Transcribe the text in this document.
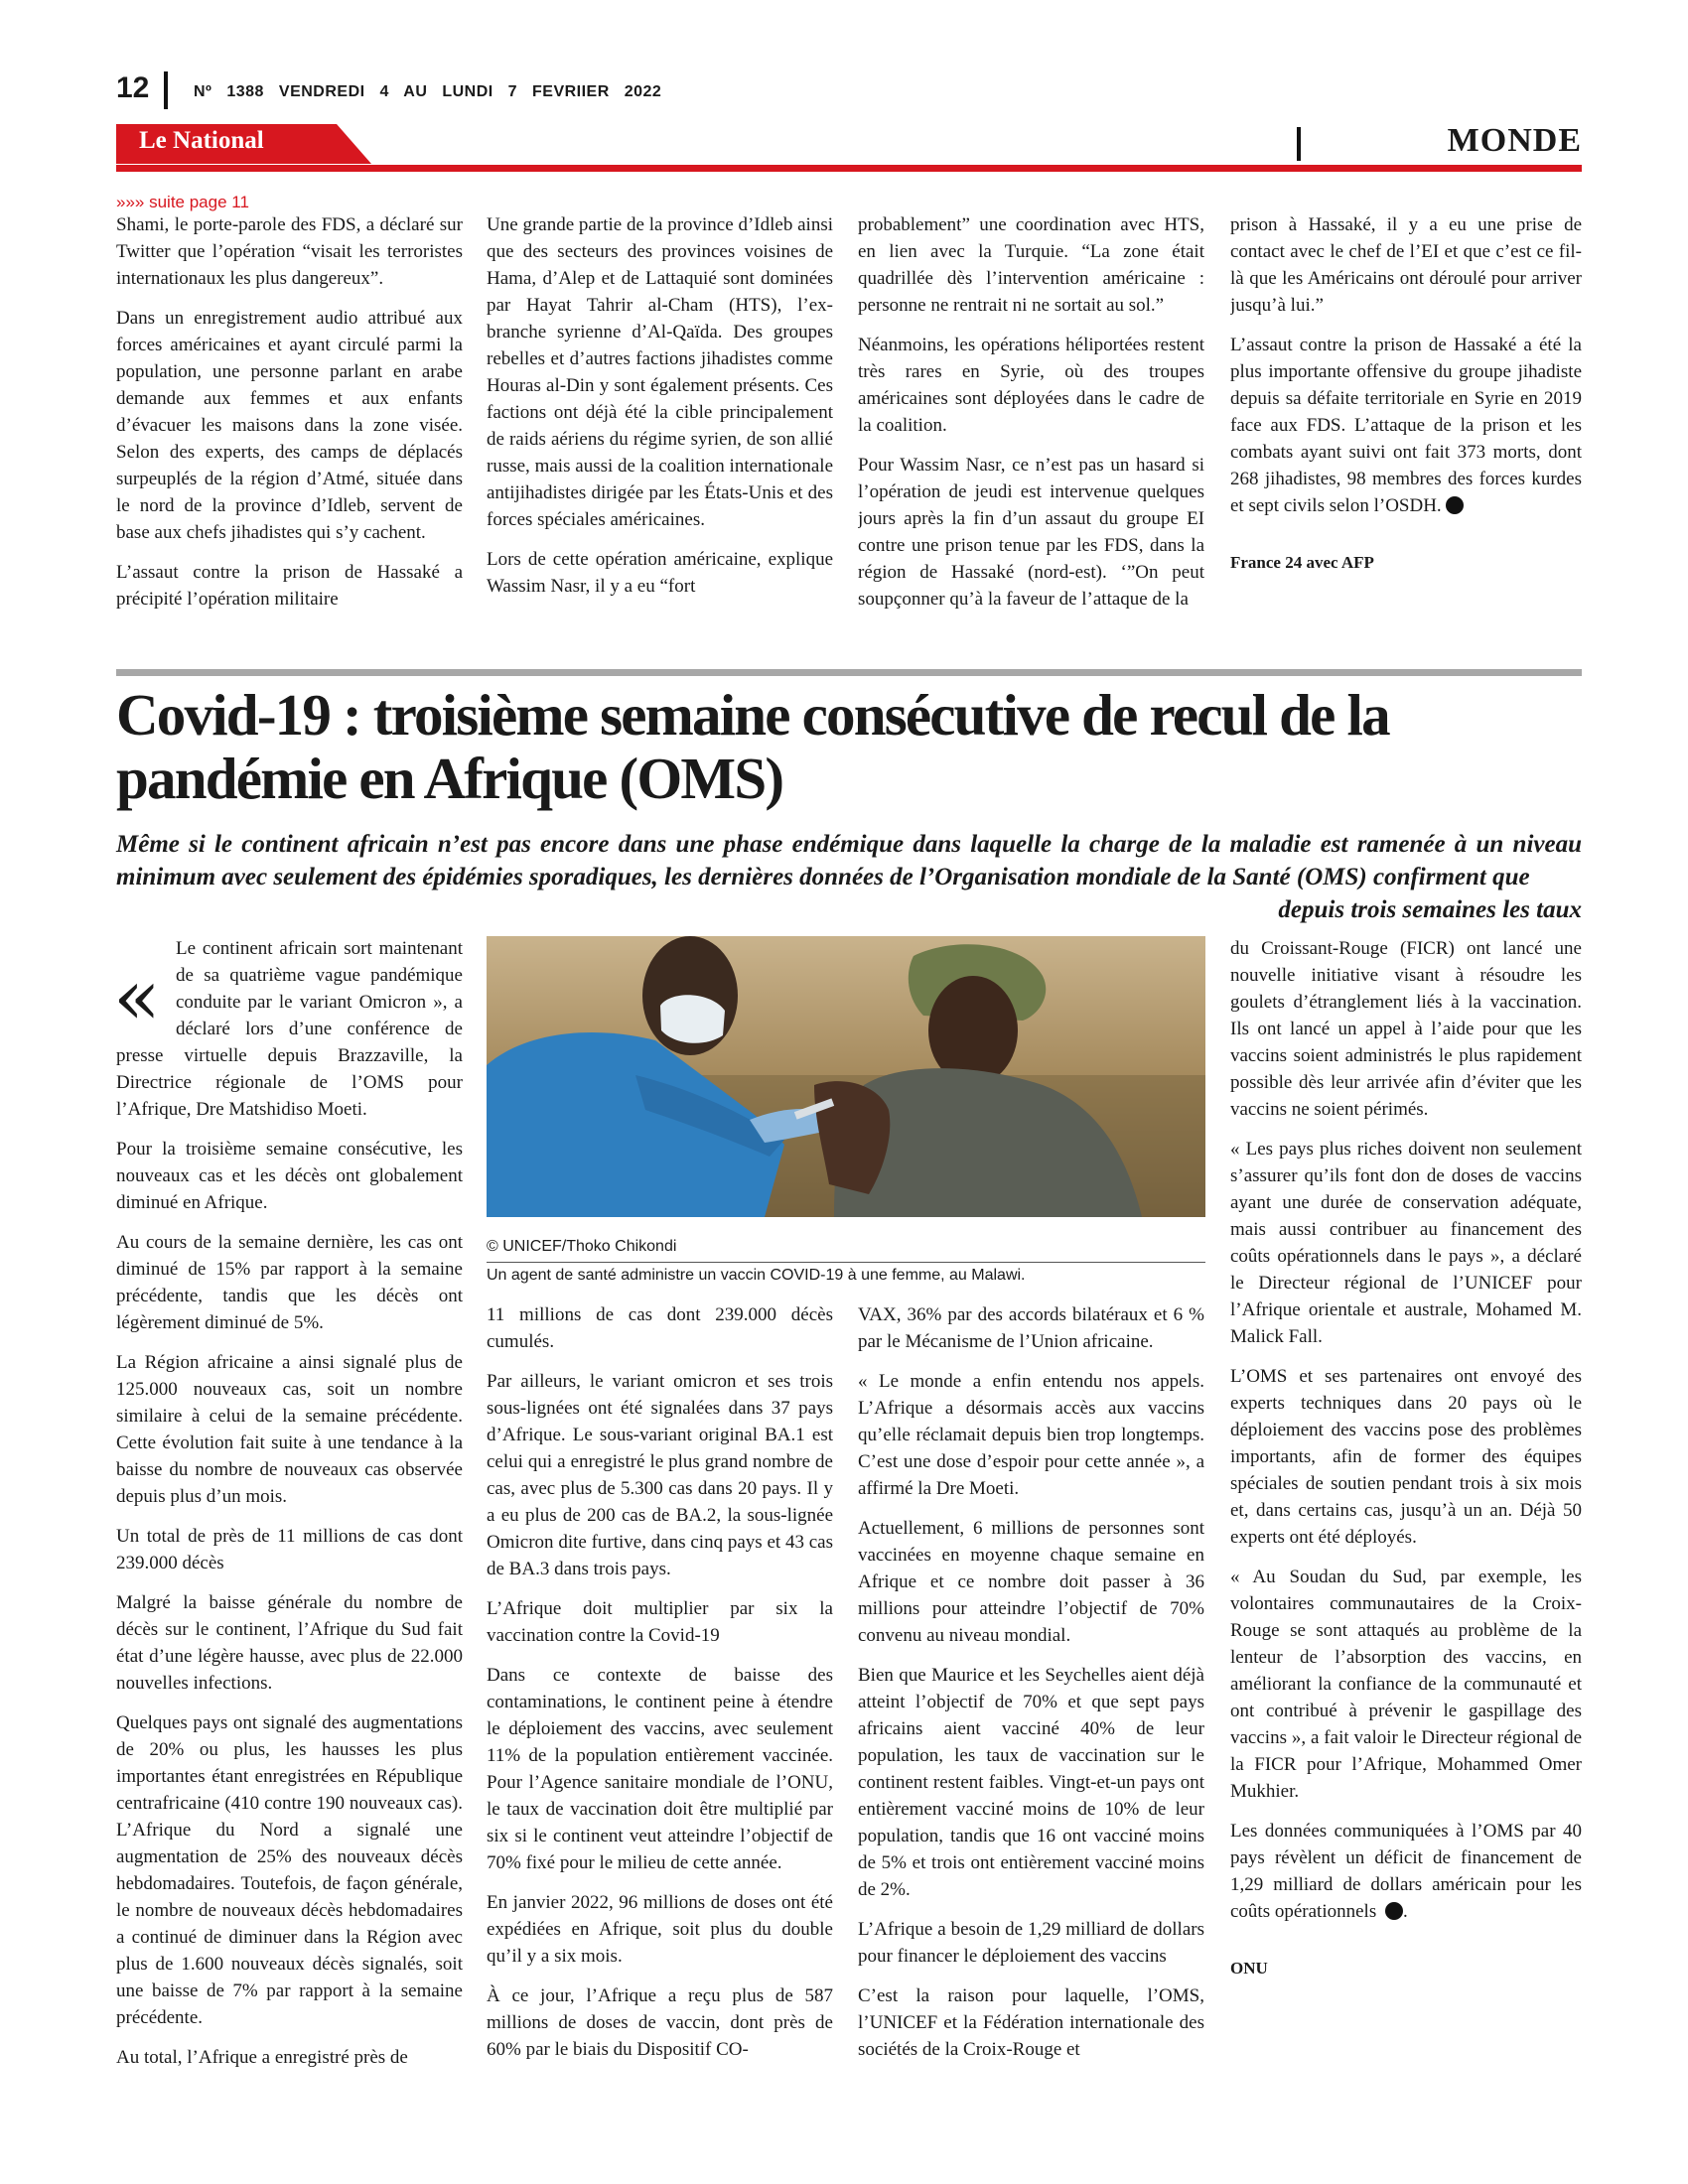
12	Nº 1388 VENDREDI 4 AU LUNDI 7 FEVRIIER 2022
Le National	MONDE
»»» suite page 11

Shami, le porte-parole des FDS, a déclaré sur Twitter que l’opération “visait les terroristes internationaux les plus dangereux”.

Dans un enregistrement audio attribué aux forces américaines et ayant circulé parmi la population, une personne parlant en arabe demande aux femmes et aux enfants d’évacuer les maisons dans la zone visée. Selon des experts, des camps de déplacés surpeuplés de la région d’Atmé, située dans le nord de la province d’Idleb, servent de base aux chefs jihadistes qui s’y cachent.

L’assaut contre la prison de Hassaké a précipité l’opération militaire

Une grande partie de la province d’Idleb ainsi que des secteurs des provinces voisines de Hama, d’Alep et de Lattaquié sont dominées par Hayat Tahrir al-Cham (HTS), l’ex-branche syrienne d’Al-Qaïda. Des groupes rebelles et d’autres factions jihadistes comme Houras al-Din y sont également présents. Ces factions ont déjà été la cible principalement de raids aériens du régime syrien, de son allié russe, mais aussi de la coalition internationale antijihadistes dirigée par les États-Unis et des forces spéciales américaines.

Lors de cette opération américaine, explique Wassim Nasr, il y a eu “fort

probablement” une coordination avec HTS, en lien avec la Turquie. “La zone était quadrillée dès l’intervention américaine : personne ne rentrait ni ne sortait au sol.”

Néanmoins, les opérations héliportées restent très rares en Syrie, où des troupes américaines sont déployées dans le cadre de la coalition.

Pour Wassim Nasr, ce n’est pas un hasard si l’opération de jeudi est intervenue quelques jours après la fin d’un assaut du groupe EI contre une prison tenue par les FDS, dans la région de Hassaké (nord-est). ‘”On peut soupçonner qu’à la faveur de l’attaque de la

prison à Hassaké, il y a eu une prise de contact avec le chef de l’EI et que c’est ce fil-là que les Américains ont déroulé pour arriver jusqu’à lui.”

L’assaut contre la prison de Hassaké a été la plus importante offensive du groupe jihadiste depuis sa défaite territoriale en Syrie en 2019 face aux FDS. L’attaque de la prison et les combats ayant suivi ont fait 373 morts, dont 268 jihadistes, 98 membres des forces kurdes et sept civils selon l’OSDH.

France 24 avec AFP

Covid-19 : troisième semaine consécutive de recul de la pandémie en Afrique (OMS)
Même si le continent africain n’est pas encore dans une phase endémique dans laquelle la charge de la maladie est ramenée à un niveau minimum avec seulement des épidémies sporadiques, les dernières données de l’Organisation mondiale de la Santé (OMS) confirment que
depuis trois semaines les taux
«

Le continent africain sort maintenant de sa quatrième vague pandémique conduite par le variant Omicron », a déclaré lors d’une conférence de presse virtuelle depuis Brazzaville, la Directrice régionale de l’OMS pour l’Afrique, Dre Matshidiso Moeti.

Pour la troisième semaine consécutive, les nouveaux cas et les décès ont globalement diminué en Afrique.

Au cours de la semaine dernière, les cas ont diminué de 15% par rapport à la semaine précédente, tandis que les décès ont légèrement diminué de 5%.

La Région africaine a ainsi signalé plus de 125.000 nouveaux cas, soit un nombre similaire à celui de la semaine précédente. Cette évolution fait suite à une tendance à la baisse du nombre de nouveaux cas observée depuis plus d’un mois.

Un total de près de 11 millions de cas dont 239.000 décès

Malgré la baisse générale du nombre de décès sur le continent, l’Afrique du Sud fait état d’une légère hausse, avec plus de 22.000 nouvelles infections.

Quelques pays ont signalé des augmentations de 20% ou plus, les hausses les plus importantes étant enregistrées en République centrafricaine (410 contre 190 nouveaux cas). L’Afrique du Nord a signalé une augmentation de 25% des nouveaux décès hebdomadaires. Toutefois, de façon générale, le nombre de nouveaux décès hebdomadaires a continué de diminuer dans la Région avec plus de 1.600 nouveaux décès signalés, soit une baisse de 7% par rapport à la semaine précédente.

Au total, l’Afrique a enregistré près de

© UNICEF/Thoko Chikondi
Un agent de santé administre un vaccin COVID-19 à une femme, au Malawi.

11 millions de cas dont 239.000 décès cumulés.

Par ailleurs, le variant omicron et ses trois sous-lignées ont été signalées dans 37 pays d’Afrique. Le sous-variant original BA.1 est celui qui a enregistré le plus grand nombre de cas, avec plus de 5.300 cas dans 20 pays. Il y a eu plus de 200 cas de BA.2, la sous-lignée Omicron dite furtive, dans cinq pays et 43 cas de BA.3 dans trois pays.

L’Afrique doit multiplier par six la vaccination contre la Covid-19

Dans ce contexte de baisse des contaminations, le continent peine à étendre le déploiement des vaccins, avec seulement 11% de la population entièrement vaccinée. Pour l’Agence sanitaire mondiale de l’ONU, le taux de vaccination doit être multiplié par six si le continent veut atteindre l’objectif de 70% fixé pour le milieu de cette année.

En janvier 2022, 96 millions de doses ont été expédiées en Afrique, soit plus du double qu’il y a six mois.

À ce jour, l’Afrique a reçu plus de 587 millions de doses de vaccin, dont près de 60% par le biais du Dispositif CO-

VAX, 36% par des accords bilatéraux et 6 % par le Mécanisme de l’Union africaine.

« Le monde a enfin entendu nos appels. L’Afrique a désormais accès aux vaccins qu’elle réclamait depuis bien trop longtemps. C’est une dose d’espoir pour cette année », a affirmé la Dre Moeti.

Actuellement, 6 millions de personnes sont vaccinées en moyenne chaque semaine en Afrique et ce nombre doit passer à 36 millions pour atteindre l’objectif de 70% convenu au niveau mondial.

Bien que Maurice et les Seychelles aient déjà atteint l’objectif de 70% et que sept pays africains aient vacciné 40% de leur population, les taux de vaccination sur le continent restent faibles. Vingt-et-un pays ont entièrement vacciné moins de 10% de leur population, tandis que 16 ont vacciné moins de 5% et trois ont entièrement vacciné moins de 2%.

L’Afrique a besoin de 1,29 milliard de dollars pour financer le déploiement des vaccins

C’est la raison pour laquelle, l’OMS, l’UNICEF et la Fédération internationale des sociétés de la Croix-Rouge et

du Croissant-Rouge (FICR) ont lancé une nouvelle initiative visant à résoudre les goulets d’étranglement liés à la vaccination. Ils ont lancé un appel à l’aide pour que les vaccins soient administrés le plus rapidement possible dès leur arrivée afin d’éviter que les vaccins ne soient périmés.

« Les pays plus riches doivent non seulement s’assurer qu’ils font don de doses de vaccins ayant une durée de conservation adéquate, mais aussi contribuer au financement des coûts opérationnels dans le pays », a déclaré le Directeur régional de l’UNICEF pour l’Afrique orientale et australe, Mohamed M. Malick Fall.

L’OMS et ses partenaires ont envoyé des experts techniques dans 20 pays où le déploiement des vaccins pose des problèmes importants, afin de former des équipes spéciales de soutien pendant trois à six mois et, dans certains cas, jusqu’à un an. Déjà 50 experts ont été déployés.

« Au Soudan du Sud, par exemple, les volontaires communautaires de la Croix-Rouge se sont attaqués au problème de la lenteur de l’absorption des vaccins, en améliorant la confiance de la communauté et ont contribué à prévenir le gaspillage des vaccins », a fait valoir le Directeur régional de la FICR pour l’Afrique, Mohammed Omer Mukhier.

Les données communiquées à l’OMS par 40 pays révèlent un déficit de financement de 1,29 milliard de dollars américain pour les coûts opérationnels .

ONU
